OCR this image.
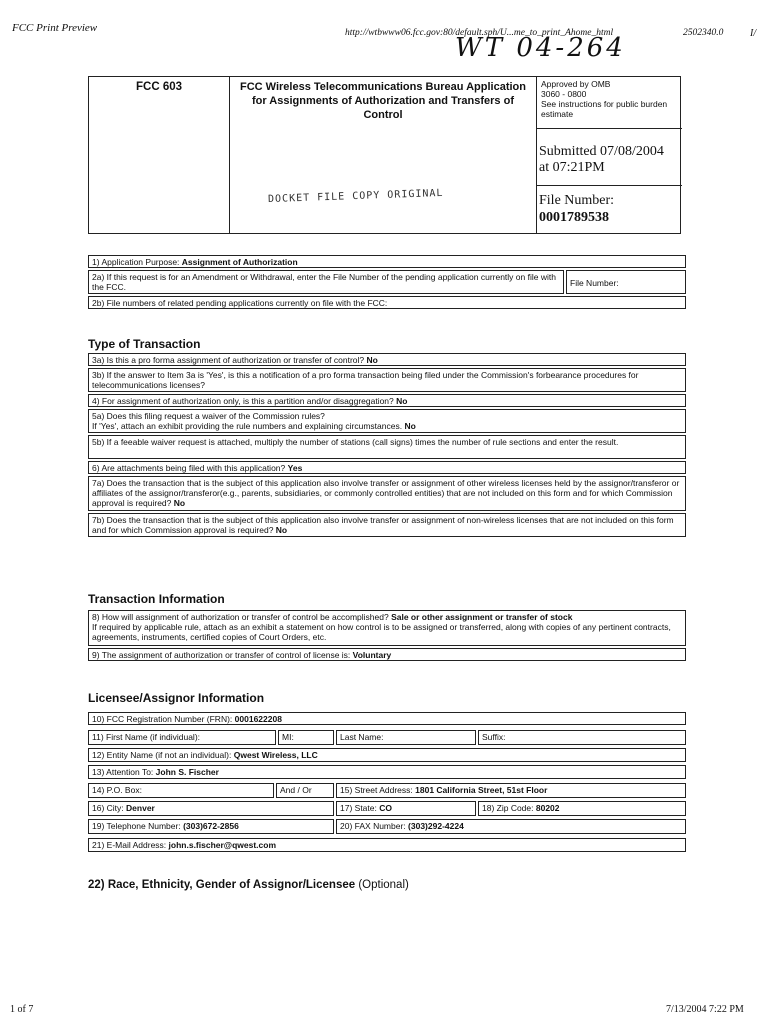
FCC Print Preview	http://wtbwww06.fcc.gov:80/default.sph/U...me_to_print_Ahome_html	2502340.0	I/
WT 04-264
FCC 603	FCC Wireless Telecommunications Bureau Application for Assignments of Authorization and Transfers of Control
DOCKET FILE COPY ORIGINAL
Approved by OMB
3060 - 0800
See instructions for public burden estimate
Submitted 07/08/2004
at 07:21PM
File Number:
0001789538
1) Application Purpose: Assignment of Authorization
2a) If this request is for an Amendment or Withdrawal, enter the File Number of the pending application currently on file with the FCC.	File Number:
2b) File numbers of related pending applications currently on file with the FCC:
Type of Transaction
3a) Is this a pro forma assignment of authorization or transfer of control? No
3b) If the answer to Item 3a is 'Yes', is this a notification of a pro forma transaction being filed under the Commission's forbearance procedures for telecommunications licenses?
4) For assignment of authorization only, is this a partition and/or disaggregation? No
5a) Does this filing request a waiver of the Commission rules?
If 'Yes', attach an exhibit providing the rule numbers and explaining circumstances. No
5b) If a feeable waiver request is attached, multiply the number of stations (call signs) times the number of rule sections and enter the result.
6) Are attachments being filed with this application? Yes
7a) Does the transaction that is the subject of this application also involve transfer or assignment of other wireless licenses held by the assignor/transferor or affiliates of the assignor/transferor(e.g., parents, subsidiaries, or commonly controlled entities) that are not included on this form and for which Commission approval is required? No
7b) Does the transaction that is the subject of this application also involve transfer or assignment of non-wireless licenses that are not included on this form and for which Commission approval is required? No
Transaction Information
8) How will assignment of authorization or transfer of control be accomplished? Sale or other assignment or transfer of stock
If required by applicable rule, attach as an exhibit a statement on how control is to be assigned or transferred, along with copies of any pertinent contracts, agreements, instruments, certified copies of Court Orders, etc.
9) The assignment of authorization or transfer of control of license is: Voluntary
Licensee/Assignor Information
10) FCC Registration Number (FRN): 0001622208
11) First Name (if individual):	MI:	Last Name:	Suffix:
12) Entity Name (if not an individual): Qwest Wireless, LLC
13) Attention To: John S. Fischer
14) P.O. Box:	And / Or	15) Street Address: 1801 California Street, 51st Floor
16) City: Denver	17) State: CO	18) Zip Code: 80202
19) Telephone Number: (303)672-2856	20) FAX Number: (303)292-4224
21) E-Mail Address: john.s.fischer@qwest.com
22) Race, Ethnicity, Gender of Assignor/Licensee (Optional)
1 of 7	7/13/2004 7:22 PM
